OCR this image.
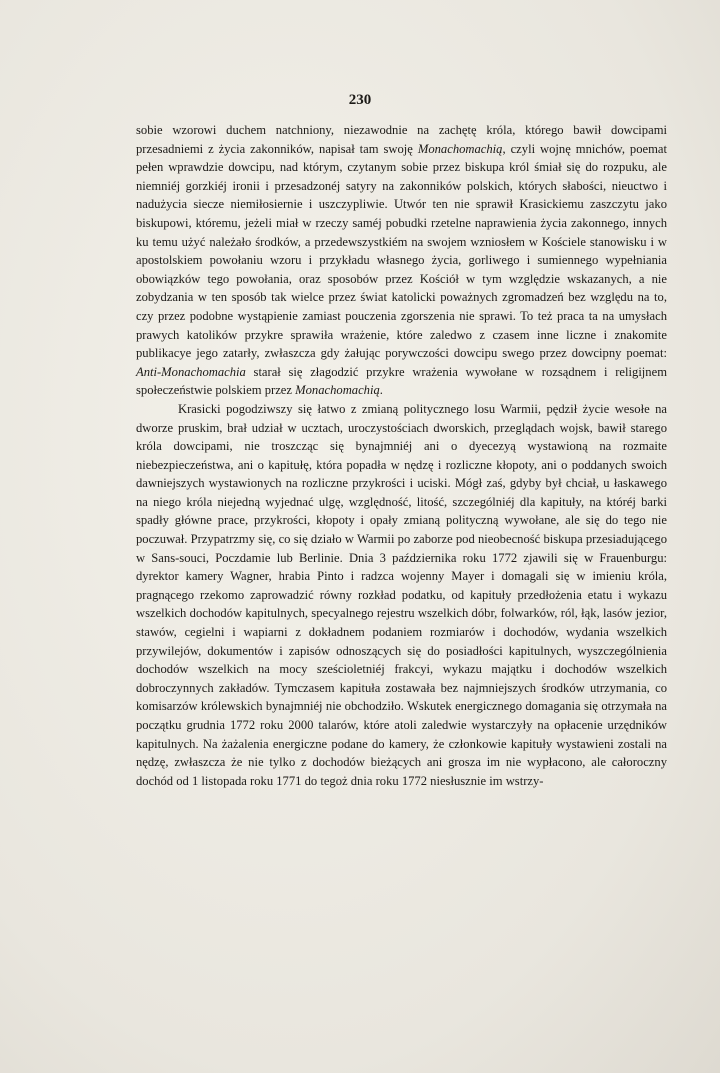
230

sobie wzorowi duchem natchniony, niezawodnie na zachętę króla, którego bawił dowcipami przesadniemi z życia zakonników, napisał tam swoję Monachomachią, czyli wojnę mnichów, poemat pełen wprawdzie dowcipu, nad którym, czytanym sobie przez biskupa król śmiał się do rozpuku, ale niemniéj gorzkiéj ironii i przesadzonéj satyry na zakonników polskich, których słabości, nieuctwo i nadużycia siecze niemiłosiernie i uszczypliwie. Utwór ten nie sprawił Krasickiemu zaszczytu jako biskupowi, któremu, jeżeli miał w rzeczy saméj pobudki rzetelne naprawienia życia zakonnego, innych ku temu użyć należało środków, a przedewszystkiém na swojem wzniosłem w Kościele stanowisku i w apostolskiem powołaniu wzoru i przykładu własnego życia, gorliwego i sumiennego wypełniania obowiązków tego powołania, oraz sposobów przez Kościół w tym względzie wskazanych, a nie zobydzania w ten sposób tak wielce przez świat katolicki poważnych zgromadzeń bez względu na to, czy przez podobne wystąpienie zamiast pouczenia zgorszenia nie sprawi. To też praca ta na umysłach prawych katolików przykre sprawiła wrażenie, które zaledwo z czasem inne liczne i znakomite publikacye jego zatarły, zwłaszcza gdy żałując porywczości dowcipu swego przez dowcipny poemat: Anti-Monachomachia starał się złagodzić przykre wrażenia wywołane w rozsądnem i religijnem społeczeństwie polskiem przez Monachomachią.

Krasicki pogodziwszy się łatwo z zmianą politycznego losu Warmii, pędził życie wesołe na dworze pruskim, brał udział w ucztach, uroczystościach dworskich, przeglądach wojsk, bawił starego króla dowcipami, nie troszcząc się bynajmniéj ani o dyecezyą wystawioną na rozmaite niebezpieczeństwa, ani o kapitułę, która popadła w nędzę i rozliczne kłopoty, ani o poddanych swoich dawniejszych wystawionych na rozliczne przykrości i uciski. Mógł zaś, gdyby był chciał, u łaskawego na niego króla niejedną wyjednać ulgę, względność, litość, szczególniéj dla kapituły, na któréj barki spadły główne prace, przykrości, kłopoty i opały zmianą polityczną wywołane, ale się do tego nie poczuwał. Przypatrzmy się, co się działo w Warmii po zaborze pod nieobecność biskupa przesiadującego w Sans-souci, Poczdamie lub Berlinie. Dnia 3 października roku 1772 zjawili się w Frauenburgu: dyrektor kamery Wagner, hrabia Pinto i radzca wojenny Mayer i domagali się w imieniu króla, pragnącego rzekomo zaprowadzić równy rozkład podatku, od kapituły przedłożenia etatu i wykazu wszelkich dochodów kapitulnych, specyalnego rejestru wszelkich dóbr, folwarków, ról, łąk, lasów jezior, stawów, cegielni i wapiarni z dokładnem podaniem rozmiarów i dochodów, wydania wszelkich przywilejów, dokumentów i zapisów odnoszących się do posiadłości kapitulnych, wyszczególnienia dochodów wszelkich na mocy sześcioletniéj frakcyi, wykazu majątku i dochodów wszelkich dobroczynnych zakładów. Tymczasem kapituła zostawała bez najmniejszych środków utrzymania, co komisarzów królewskich bynajmniéj nie obchodziło. Wskutek energicznego domagania się otrzymała na początku grudnia 1772 roku 2000 talarów, które atoli zaledwie wystarczyły na opłacenie urzędników kapitulnych. Na żażalenia energiczne podane do kamery, że członkowie kapituły wystawieni zostali na nędzę, zwłaszcza że nie tylko z dochodów bieżących ani grosza im nie wypłacono, ale całoroczny dochód od 1 listopada roku 1771 do tegoż dnia roku 1772 niesłusznie im wstrzy-
